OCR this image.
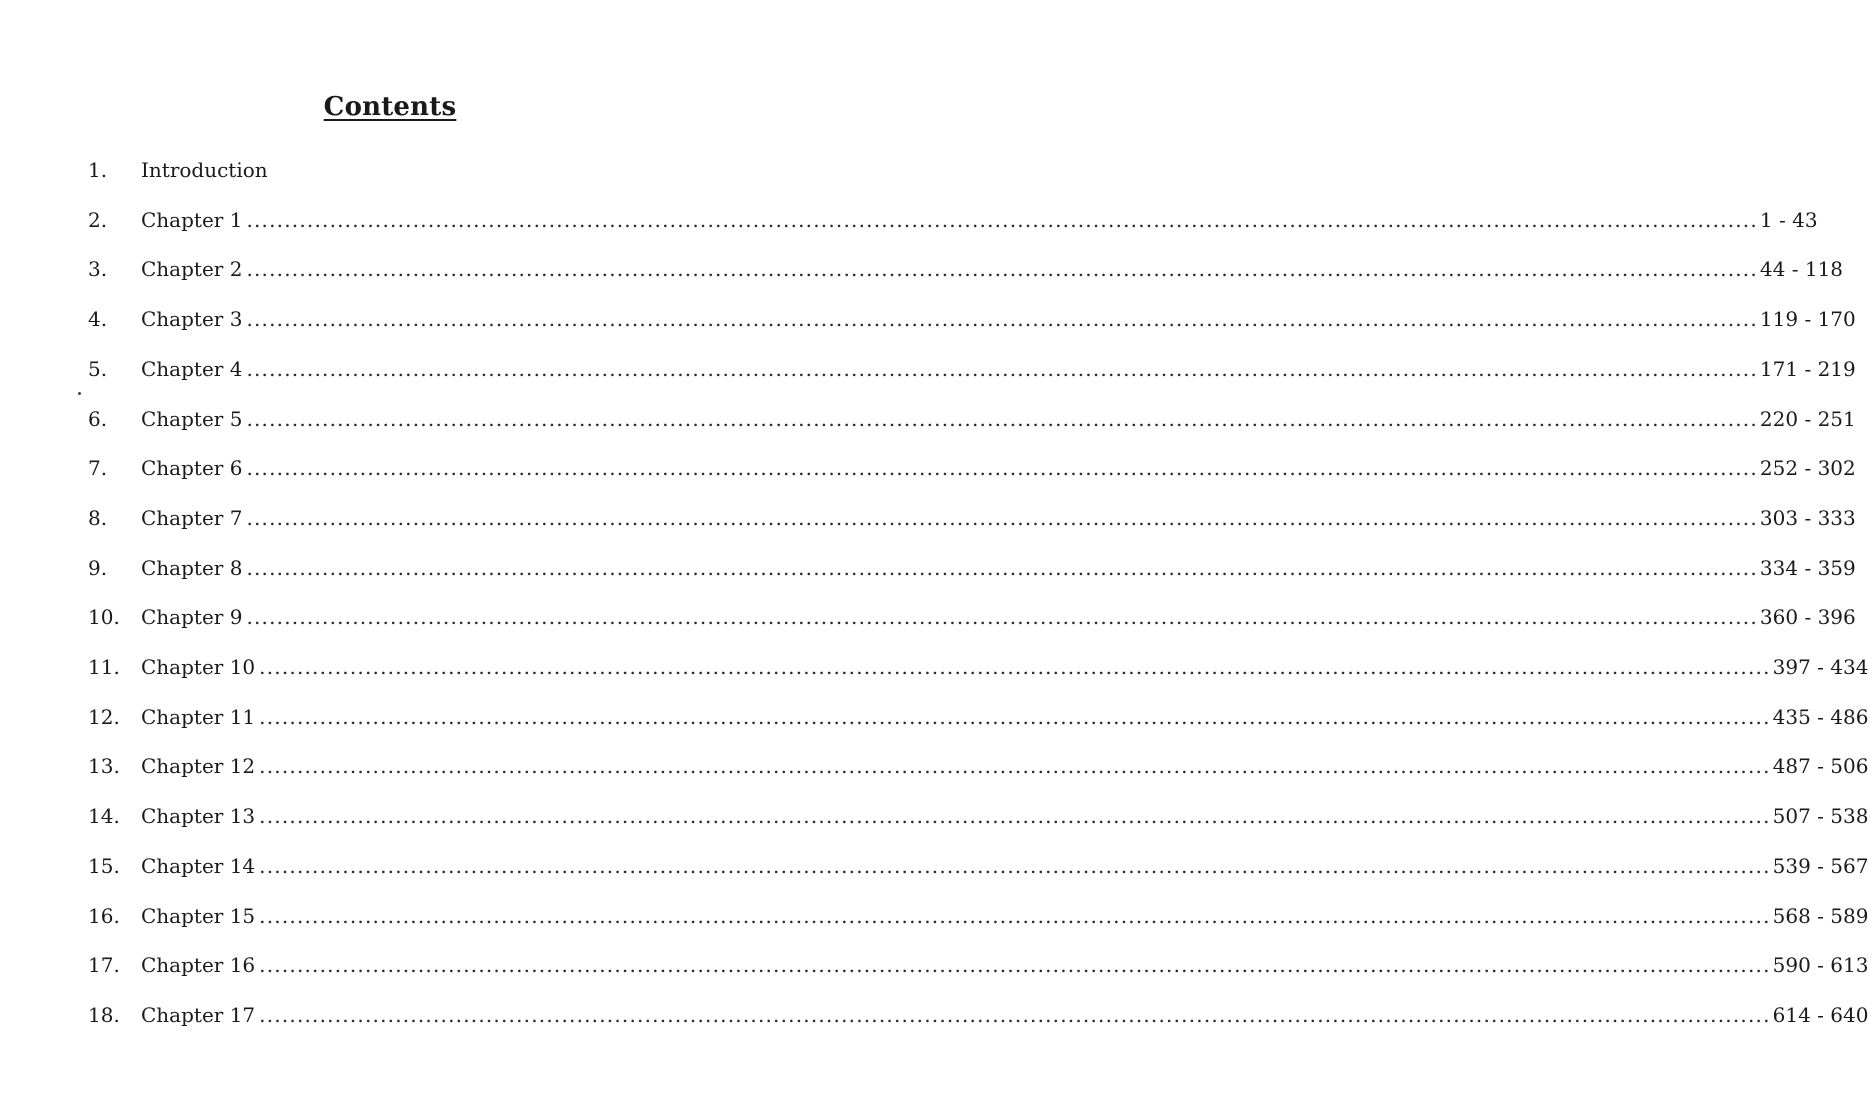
Contents
1.	Introduction
2.	Chapter 1 ........................................................................................................................................................................................................ 1 - 43
3.	Chapter 2 ........................................................................................................................................................................................................ 44 - 118
4.	Chapter 3 ........................................................................................................................................................................................................ 119 - 170
5.	Chapter 4 ........................................................................................................................................................................................................ 171 - 219
6.	Chapter 5 ........................................................................................................................................................................................................ 220 - 251
7.	Chapter 6 ........................................................................................................................................................................................................ 252 - 302
8.	Chapter 7 ........................................................................................................................................................................................................ 303 - 333
9.	Chapter 8 ........................................................................................................................................................................................................ 334 - 359
10.	Chapter 9 ........................................................................................................................................................................................................ 360 - 396
11.	Chapter 10 ........................................................................................................................................................................................................ 397 - 434
12.	Chapter 11 ........................................................................................................................................................................................................ 435 - 486
13.	Chapter 12 ........................................................................................................................................................................................................ 487 - 506
14.	Chapter 13 ........................................................................................................................................................................................................ 507 - 538
15.	Chapter 14 ........................................................................................................................................................................................................ 539 - 567
16.	Chapter 15 ........................................................................................................................................................................................................ 568 - 589
17.	Chapter 16 ........................................................................................................................................................................................................ 590 - 613
18.	Chapter 17 ........................................................................................................................................................................................................ 614 - 640
